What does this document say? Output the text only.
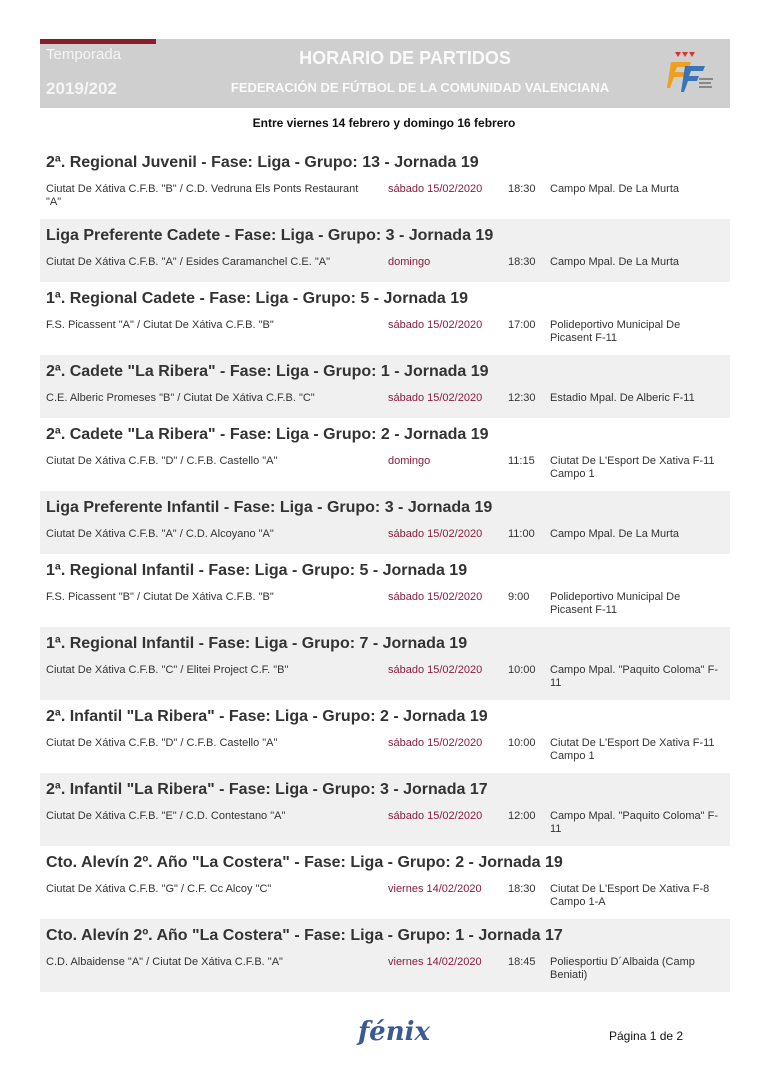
Temporada
2019/202
HORARIO DE PARTIDOS
FEDERACIÓN DE FÚTBOL DE LA COMUNIDAD VALENCIANA
Entre viernes 14 febrero y domingo 16 febrero
2ª. Regional Juvenil - Fase: Liga - Grupo: 13 - Jornada 19
Ciutat De Xátiva C.F.B. "B" / C.D. Vedruna Els Ponts Restaurant "A"
sábado 15/02/2020 18:30 Campo Mpal. De La Murta
Liga Preferente Cadete - Fase: Liga - Grupo: 3 - Jornada 19
Ciutat De Xátiva C.F.B. "A" / Esides Caramanchel C.E. "A"	domingo	18:30 Campo Mpal. De La Murta
1ª. Regional Cadete - Fase: Liga - Grupo: 5 - Jornada 19
F.S. Picassent "A" / Ciutat De Xátiva C.F.B. "B"	sábado 15/02/2020 17:00 Polideportivo Municipal De Picasent F-11
2ª. Cadete "La Ribera" - Fase: Liga - Grupo: 1 - Jornada 19
C.E. Alberic Promeses "B" / Ciutat De Xátiva C.F.B. "C"	sábado 15/02/2020 12:30 Estadio Mpal. De Alberic F-11
2ª. Cadete "La Ribera" - Fase: Liga - Grupo: 2 - Jornada 19
Ciutat De Xátiva C.F.B. "D" / C.F.B. Castello "A"	domingo	11:15 Ciutat De L'Esport De Xativa F-11 Campo 1
Liga Preferente Infantil - Fase: Liga - Grupo: 3 - Jornada 19
Ciutat De Xátiva C.F.B. "A" / C.D. Alcoyano "A"	sábado 15/02/2020 11:00 Campo Mpal. De La Murta
1ª. Regional Infantil - Fase: Liga - Grupo: 5 - Jornada 19
F.S. Picassent "B" / Ciutat De Xátiva C.F.B. "B"	sábado 15/02/2020 9:00 Polideportivo Municipal De Picasent F-11
1ª. Regional Infantil - Fase: Liga - Grupo: 7 - Jornada 19
Ciutat De Xátiva C.F.B. "C" / Elitei Project C.F. "B"	sábado 15/02/2020 10:00 Campo Mpal. "Paquito Coloma" F-11
2ª. Infantil "La Ribera" - Fase: Liga - Grupo: 2 - Jornada 19
Ciutat De Xátiva C.F.B. "D" / C.F.B. Castello "A"	sábado 15/02/2020 10:00 Ciutat De L'Esport De Xativa F-11 Campo 1
2ª. Infantil "La Ribera" - Fase: Liga - Grupo: 3 - Jornada 17
Ciutat De Xátiva C.F.B. "E" / C.D. Contestano "A"	sábado 15/02/2020 12:00 Campo Mpal. "Paquito Coloma" F-11
Cto. Alevín 2º. Año "La Costera" - Fase: Liga - Grupo: 2 - Jornada 19
Ciutat De Xátiva C.F.B. "G" / C.F. Cc Alcoy "C"	viernes 14/02/2020 18:30 Ciutat De L'Esport De Xativa F-8 Campo 1-A
Cto. Alevín 2º. Año "La Costera" - Fase: Liga - Grupo: 1 - Jornada 17
C.D. Albaidense "A" / Ciutat De Xátiva C.F.B. "A"	viernes 14/02/2020 18:45 Poliesportiu D´Albaida (Camp Beniati)
fénix	Página 1 de 2
